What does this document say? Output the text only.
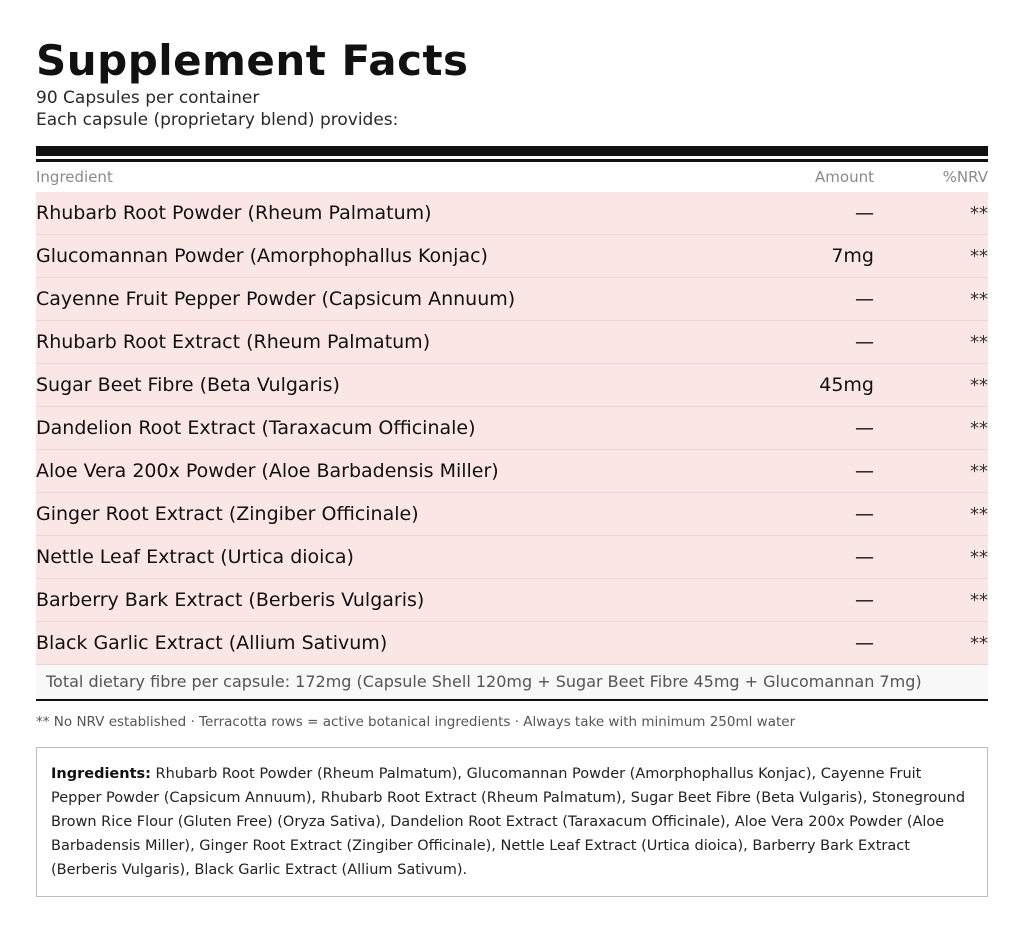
Supplement Facts
90 Capsules per container
Each capsule (proprietary blend) provides:
Ingredient	Amount	%NRV
Rhubarb Root Powder (Rheum Palmatum)	—	**
Glucomannan Powder (Amorphophallus Konjac)	7mg	**
Cayenne Fruit Pepper Powder (Capsicum Annuum)	—	**
Rhubarb Root Extract (Rheum Palmatum)	—	**
Sugar Beet Fibre (Beta Vulgaris)	45mg	**
Dandelion Root Extract (Taraxacum Officinale)	—	**
Aloe Vera 200x Powder (Aloe Barbadensis Miller)	—	**
Ginger Root Extract (Zingiber Officinale)	—	**
Nettle Leaf Extract (Urtica dioica)	—	**
Barberry Bark Extract (Berberis Vulgaris)	—	**
Black Garlic Extract (Allium Sativum)	—	**
Total dietary fibre per capsule: 172mg (Capsule Shell 120mg + Sugar Beet Fibre 45mg + Glucomannan 7mg)
** No NRV established · Terracotta rows = active botanical ingredients · Always take with minimum 250ml water
Ingredients: Rhubarb Root Powder (Rheum Palmatum), Glucomannan Powder (Amorphophallus Konjac), Cayenne Fruit Pepper Powder (Capsicum Annuum), Rhubarb Root Extract (Rheum Palmatum), Sugar Beet Fibre (Beta Vulgaris), Stoneground Brown Rice Flour (Gluten Free) (Oryza Sativa), Dandelion Root Extract (Taraxacum Officinale), Aloe Vera 200x Powder (Aloe Barbadensis Miller), Ginger Root Extract (Zingiber Officinale), Nettle Leaf Extract (Urtica dioica), Barberry Bark Extract (Berberis Vulgaris), Black Garlic Extract (Allium Sativum).
